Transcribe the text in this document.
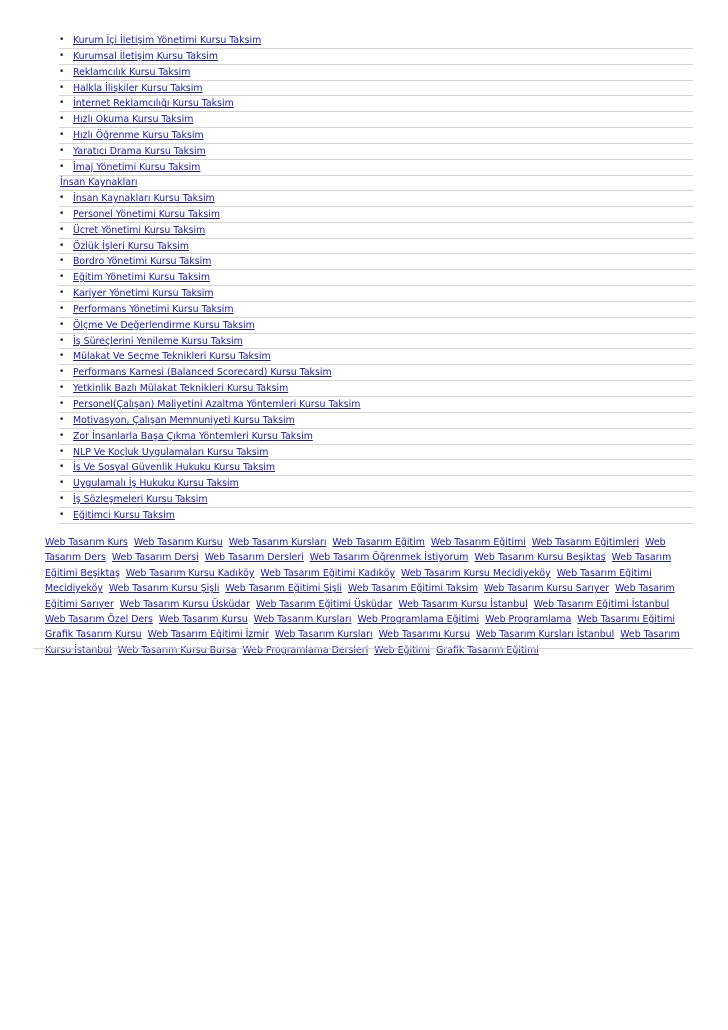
• Kurum İçi İletişim Yönetimi Kursu Taksim
• Kurumsal İletişim Kursu Taksim
• Reklamcılık Kursu Taksim
• Halkla İlişkiler Kursu Taksim
• İnternet Reklamcılığı Kursu Taksim
• Hızlı Okuma Kursu Taksim
• Hızlı Öğrenme Kursu Taksim
• Yaratıcı Drama Kursu Taksim
• İmaj Yönetimi Kursu Taksim
İnsan Kaynakları
• İnsan Kaynakları Kursu Taksim
• Personel Yönetimi Kursu Taksim
• Ücret Yönetimi Kursu Taksim
• Özlük İşleri Kursu Taksim
• Bordro Yönetimi Kursu Taksim
• Eğitim Yönetimi Kursu Taksim
• Kariyer Yönetimi Kursu Taksim
• Performans Yönetimi Kursu Taksim
• Ölçme Ve Değerlendirme Kursu Taksim
• İş Süreçlerini Yenileme Kursu Taksim
• Mülakat Ve Seçme Teknikleri Kursu Taksim
• Performans Karnesi (Balanced Scorecard) Kursu Taksim
• Yetkinlik Bazlı Mülakat Teknikleri Kursu Taksim
• Personel(Çalışan) Maliyetini Azaltma Yöntemleri Kursu Taksim
• Motivasyon, Çalışan Memnuniyeti Kursu Taksim
• Zor İnsanlarla Başa Çıkma Yöntemleri Kursu Taksim
• NLP Ve Koçluk Uygulamaları Kursu Taksim
• İş Ve Sosyal Güvenlik Hukuku Kursu Taksim
• Uygulamalı İş Hukuku Kursu Taksim
• İş Sözleşmeleri Kursu Taksim
• Eğitimci Kursu Taksim
Web Tasarım Kurs Web Tasarım Kursu Web Tasarım Kursları Web Tasarım Eğitim Web Tasarım Eğitimi Web Tasarım Eğitimleri Web Tasarım Ders Web Tasarım Dersi Web Tasarım Dersleri Web Tasarım Öğrenmek İstiyorum Web Tasarım Kursu Beşiktaş Web Tasarım Eğitimi Beşiktaş Web Tasarım Kursu Kadıköy Web Tasarım Eğitimi Kadıköy Web Tasarım Kursu Mecidiyeköy Web Tasarım Eğitimi Mecidiyeköy Web Tasarım Kursu Şişli Web Tasarım Eğitimi Şişli Web Tasarım Eğitimi Taksim Web Tasarım Kursu Sarıyer Web Tasarım Eğitimi Sarıyer Web Tasarım Kursu Üsküdar Web Tasarım Eğitimi Üsküdar Web Tasarım Kursu İstanbul Web Tasarım Eğitimi İstanbul Web Tasarım Özel Ders Web Tasarım Kursu Web Tasarım Kursları Web Programlama Eğitimi Web Programlama Web Tasarımı Eğitimi Grafik Tasarım Kursu Web Tasarım Eğitimi İzmir Web Tasarım Kursları Web Tasarımı Kursu Web Tasarım Kursları İstanbul Web Tasarım Kursu İstanbul Web Tasarım Kursu Bursa Web Programlama Dersleri Web Eğitimi Grafik Tasarım Eğitimi
